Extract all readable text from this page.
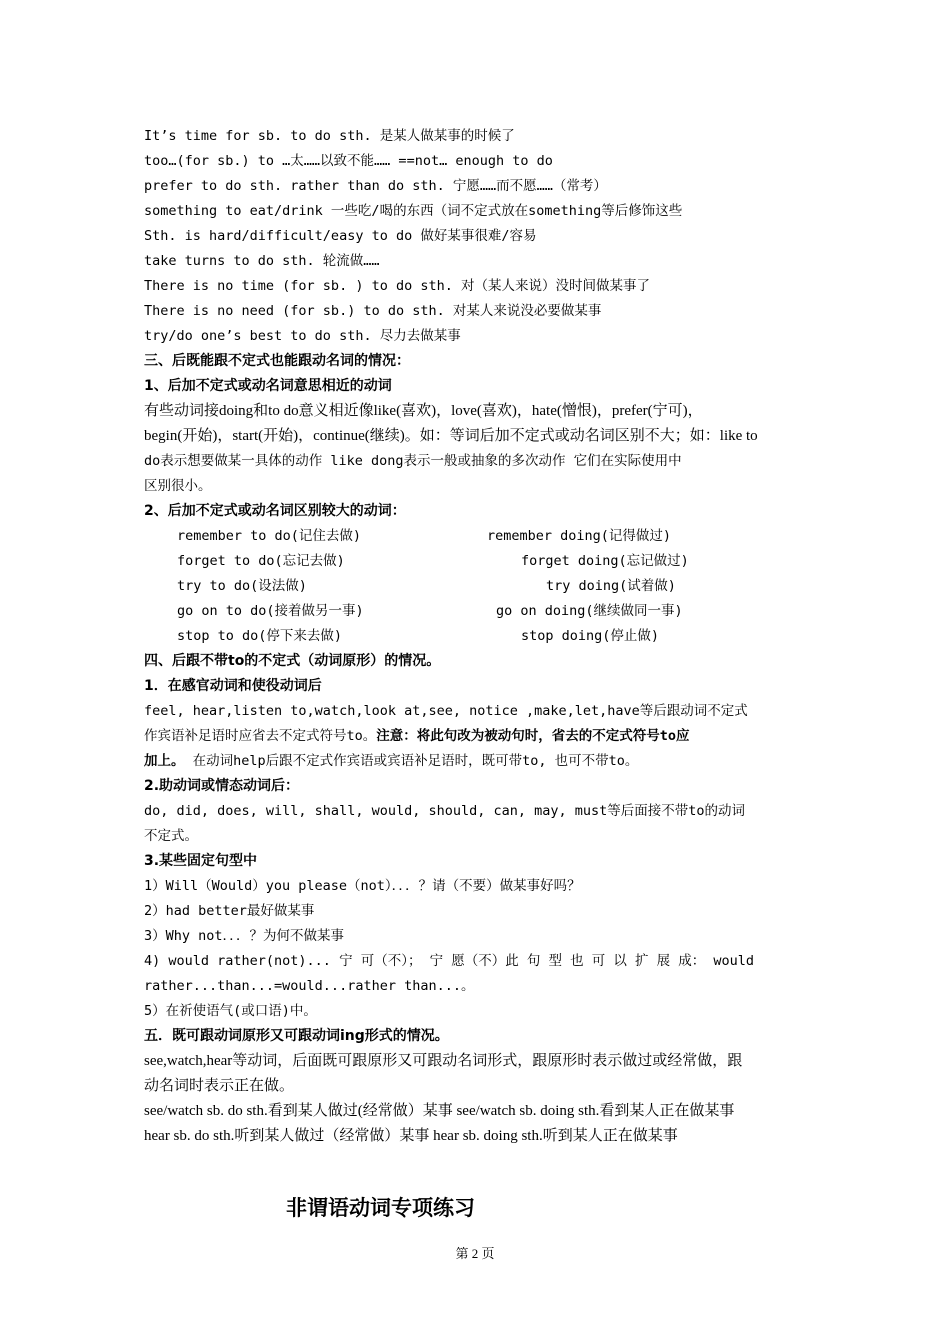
It’s time for sb. to do sth. 是某人做某事的时候了
too…(for sb.) to …太……以致不能…… ==not… enough to do
prefer to do sth. rather than do sth. 宁愿……而不愿……（常考）
something to eat/drink 一些吃/喝的东西（词不定式放在something等后修饰这些
Sth. is hard/difficult/easy to do 做好某事很难/容易
take turns to do sth. 轮流做……
There is no time (for sb. ) to do sth. 对（某人来说）没时间做某事了
There is no need (for sb.) to do sth. 对某人来说没必要做某事
try/do one’s best to do sth. 尽力去做某事
三、后既能跟不定式也能跟动名词的情况：
1、后加不定式或动名词意思相近的动词
有些动词接doing和to do意义相近像like(喜欢)，love(喜欢)，hate(憎恨)，prefer(宁可)，
begin(开始)，start(开始)，continue(继续)。如：等词后加不定式或动名词区别不大；如：like to
do表示想要做某一具体的动作 like dong表示一般或抽象的多次动作 它们在实际使用中
区别很小。
2、后加不定式或动名词区别较大的动词：
remember to do(记住去做)	remember doing(记得做过)
forget to do(忘记去做)	forget doing(忘记做过)
try to do(设法做)	try doing(试着做)
go on to do(接着做另一事)	go on doing(继续做同一事)
stop to do(停下来去做)	stop doing(停止做)
四、后跟不带to的不定式（动词原形）的情况。
1．在感官动词和使役动词后
feel, hear,listen to,watch,look at,see, notice ,make,let,have等后跟动词不定式
作宾语补足语时应省去不定式符号to。注意：将此句改为被动句时，省去的不定式符号to应
加上。 在动词help后跟不定式作宾语或宾语补足语时，既可带to, 也可不带to。
2.助动词或情态动词后：
do, did, does, will, shall, would, should, can, may, must等后面接不带to的动词
不定式。
3.某些固定句型中
1）Will（Would）you please（not）．．．？请（不要）做某事好吗？
2）had better最好做某事
3）Why not．．．？为何不做某事
4) would rather(not)... 宁 可（不）； 宁 愿（不）此 句 型 也 可 以 扩 展 成： would
rather...than...=would...rather than...。
5）在祈使语气(或口语)中。
五．既可跟动词原形又可跟动词ing形式的情况。
see,watch,hear等动词，后面既可跟原形又可跟动名词形式，跟原形时表示做过或经常做，跟
动名词时表示正在做。
see/watch sb. do sth.看到某人做过(经常做）某事 see/watch sb. doing sth.看到某人正在做某事
hear sb. do sth.听到某人做过（经常做）某事 hear sb. doing sth.听到某人正在做某事
非谓语动词专项练习
第 2 页
